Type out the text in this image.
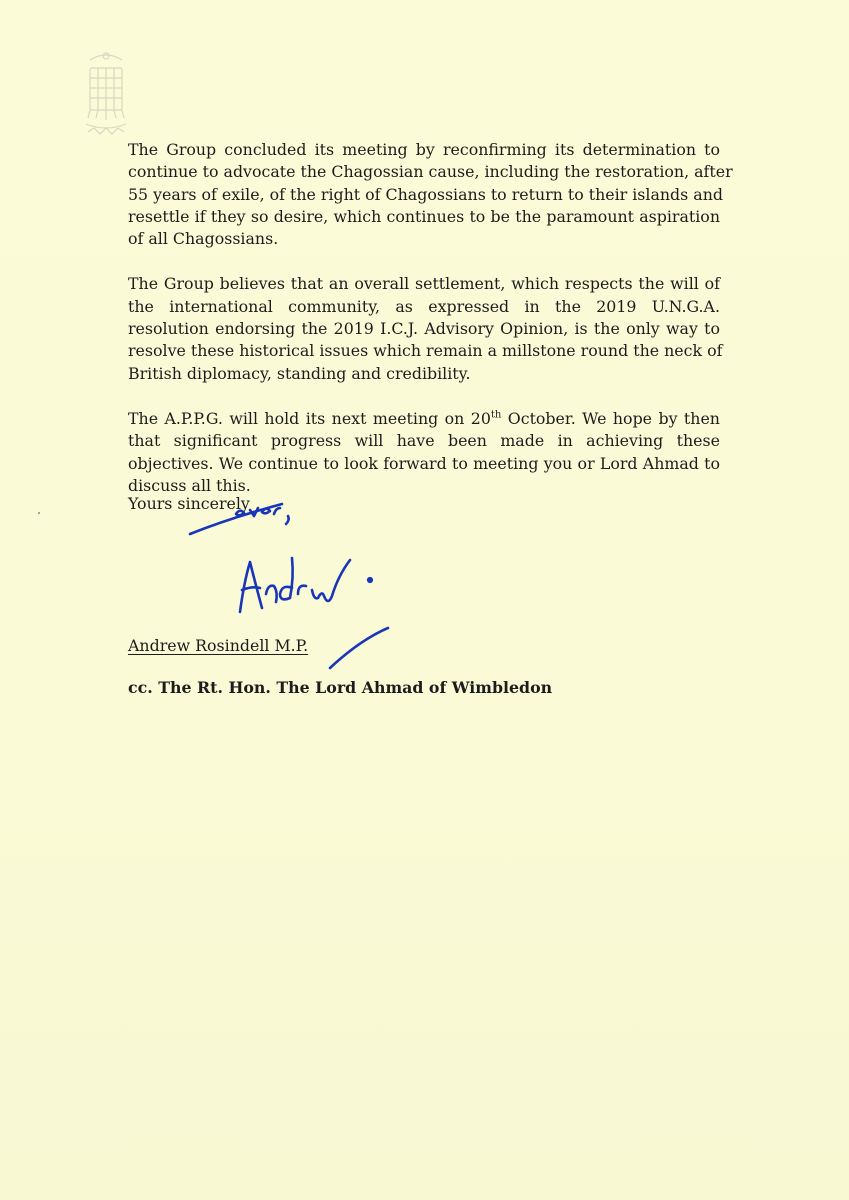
The Group concluded its meeting by reconfirming its determination to
continue to advocate the Chagossian cause, including the restoration, after
55 years of exile, of the right of Chagossians to return to their islands and
resettle if they so desire, which continues to be the paramount aspiration
of all Chagossians.

The Group believes that an overall settlement, which respects the will of
the international community, as expressed in the 2019 U.N.G.A.
resolution endorsing the 2019 I.C.J. Advisory Opinion, is the only way to
resolve these historical issues which remain a millstone round the neck of
British diplomacy, standing and credibility.

The A.P.P.G. will hold its next meeting on 20th October. We hope by then
that significant progress will have been made in achieving these
objectives. We continue to look forward to meeting you or Lord Ahmad to
discuss all this.

Yours sincerely
Andrew Rosindell M.P.
cc. The Rt. Hon. The Lord Ahmad of Wimbledon
